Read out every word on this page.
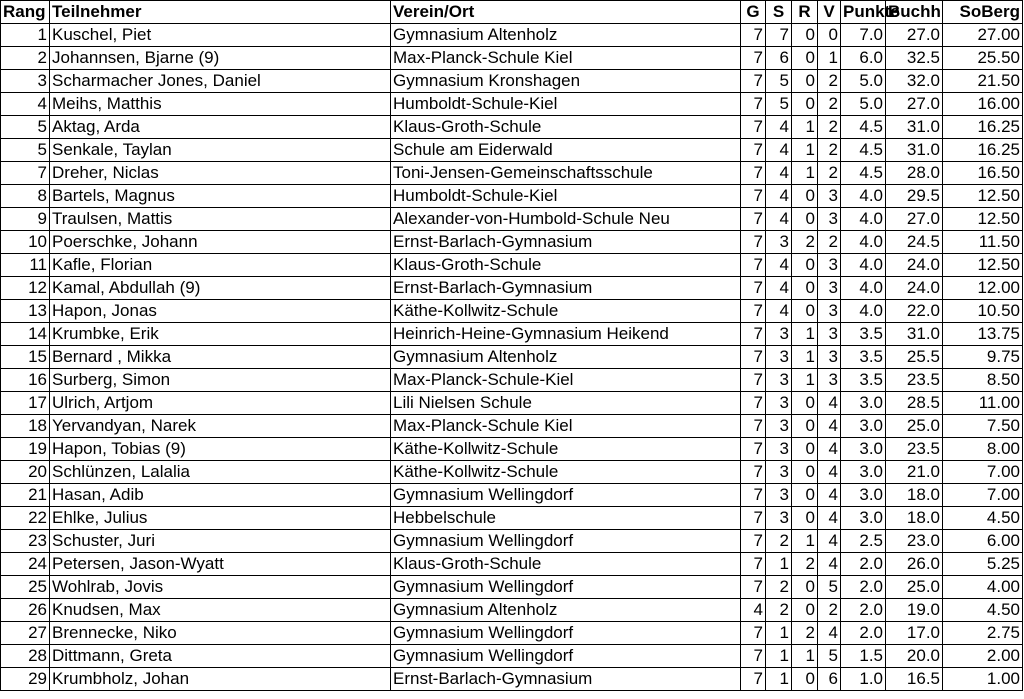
Rang	Teilnehmer	Verein/Ort	G	S	R	V	Punkte	Buchh	SoBerg
1	Kuschel, Piet	Gymnasium Altenholz	7	7	0	0	7.0	27.0	27.00
2	Johannsen, Bjarne (9)	Max-Planck-Schule Kiel	7	6	0	1	6.0	32.5	25.50
3	Scharmacher Jones, Daniel	Gymnasium Kronshagen	7	5	0	2	5.0	32.0	21.50
4	Meihs, Matthis	Humboldt-Schule-Kiel	7	5	0	2	5.0	27.0	16.00
5	Aktag, Arda	Klaus-Groth-Schule	7	4	1	2	4.5	31.0	16.25
5	Senkale, Taylan	Schule am Eiderwald	7	4	1	2	4.5	31.0	16.25
7	Dreher, Niclas	Toni-Jensen-Gemeinschaftsschule	7	4	1	2	4.5	28.0	16.50
8	Bartels, Magnus	Humboldt-Schule-Kiel	7	4	0	3	4.0	29.5	12.50
9	Traulsen, Mattis	Alexander-von-Humbold-Schule Neu	7	4	0	3	4.0	27.0	12.50
10	Poerschke, Johann	Ernst-Barlach-Gymnasium	7	3	2	2	4.0	24.5	11.50
11	Kafle, Florian	Klaus-Groth-Schule	7	4	0	3	4.0	24.0	12.50
12	Kamal, Abdullah (9)	Ernst-Barlach-Gymnasium	7	4	0	3	4.0	24.0	12.00
13	Hapon, Jonas	Käthe-Kollwitz-Schule	7	4	0	3	4.0	22.0	10.50
14	Krumbke, Erik	Heinrich-Heine-Gymnasium Heikend	7	3	1	3	3.5	31.0	13.75
15	Bernard , Mikka	Gymnasium Altenholz	7	3	1	3	3.5	25.5	9.75
16	Surberg, Simon	Max-Planck-Schule-Kiel	7	3	1	3	3.5	23.5	8.50
17	Ulrich, Artjom	Lili Nielsen Schule	7	3	0	4	3.0	28.5	11.00
18	Yervandyan, Narek	Max-Planck-Schule Kiel	7	3	0	4	3.0	25.0	7.50
19	Hapon, Tobias (9)	Käthe-Kollwitz-Schule	7	3	0	4	3.0	23.5	8.00
20	Schlünzen, Lalalia	Käthe-Kollwitz-Schule	7	3	0	4	3.0	21.0	7.00
21	Hasan, Adib	Gymnasium Wellingdorf	7	3	0	4	3.0	18.0	7.00
22	Ehlke, Julius	Hebbelschule	7	3	0	4	3.0	18.0	4.50
23	Schuster, Juri	Gymnasium Wellingdorf	7	2	1	4	2.5	23.0	6.00
24	Petersen, Jason-Wyatt	Klaus-Groth-Schule	7	1	2	4	2.0	26.0	5.25
25	Wohlrab, Jovis	Gymnasium Wellingdorf	7	2	0	5	2.0	25.0	4.00
26	Knudsen, Max	Gymnasium Altenholz	4	2	0	2	2.0	19.0	4.50
27	Brennecke, Niko	Gymnasium Wellingdorf	7	1	2	4	2.0	17.0	2.75
28	Dittmann, Greta	Gymnasium Wellingdorf	7	1	1	5	1.5	20.0	2.00
29	Krumbholz, Johan	Ernst-Barlach-Gymnasium	7	1	0	6	1.0	16.5	1.00
